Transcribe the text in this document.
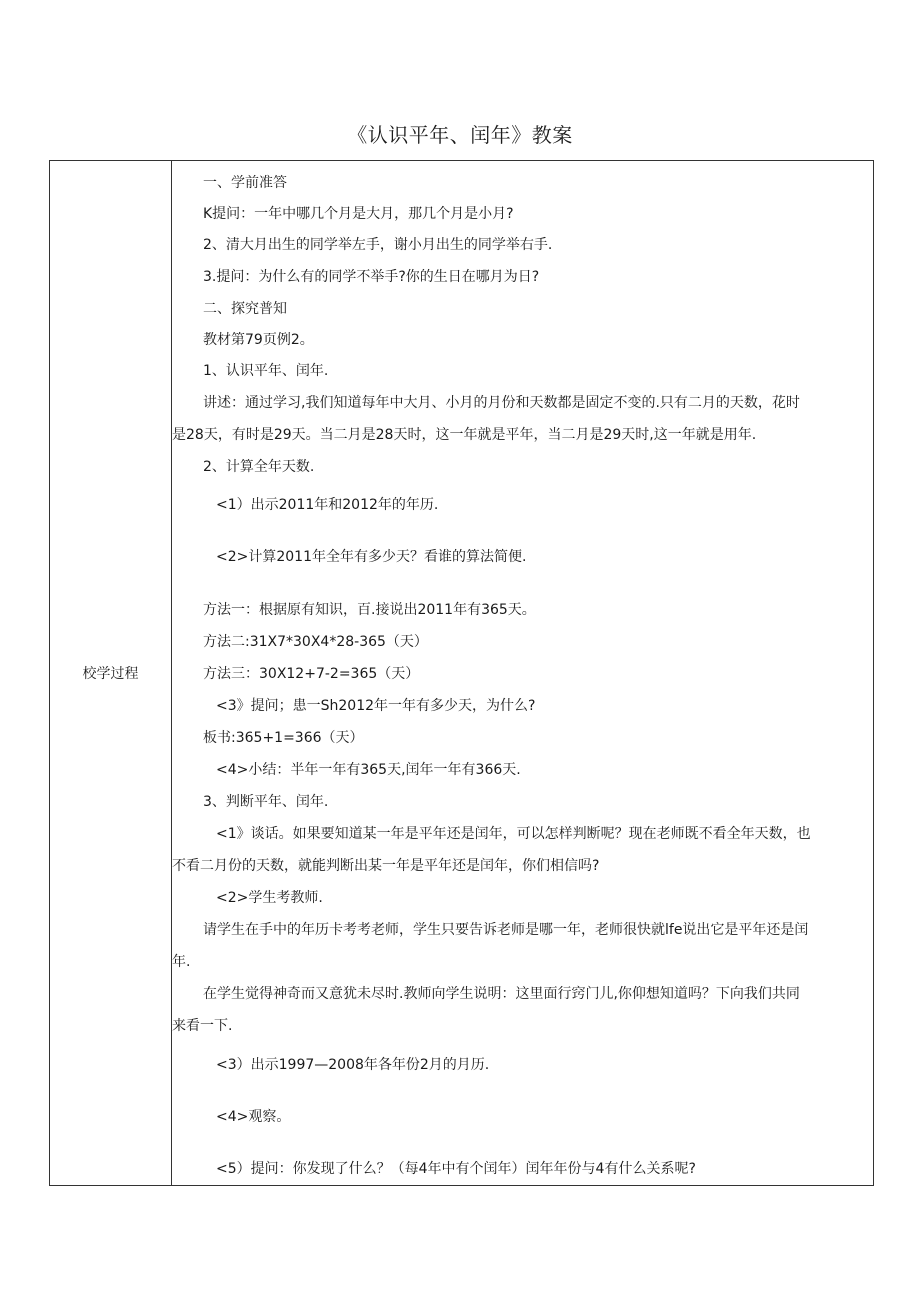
《认识平年、闰年》教案
校学过程
一、学前准答
K提问：一年中哪几个月是大月，那几个月是小月?
2、清大月出生的同学举左手，谢小月出生的同学举右手.
3.提问：为什么有的同学不举手?你的生日在哪月为日?
二、探究普知
教材第79页例2。
1、认识平年、闰年.
讲述：通过学习,我们知道每年中大月、小月的月份和天数都是固定不变的.只有二月的天数，花时
是28天，有时是29天。当二月是28天时，这一年就是平年，当二月是29天时,这一年就是用年.
2、计算全年天数.
<1）出示2011年和2012年的年历.
<2>计算2011年全年有多少天？看谁的算法简便.
方法一：根据原有知识，百.接说出2011年有365天。
方法二:31X7*30X4*28-365（天）
方法三：30X12+7-2=365（天）
<3》提问；患一Sh2012年一年有多少天，为什么?
板书:365+1=366（天）
<4>小结：半年一年有365天,闰年一年有366天.
3、判断平年、闰年.
<1》谈话。如果要知道某一年是平年还是闰年，可以怎样判断呢？现在老师既不看全年天数，也
不看二月份的天数，就能判断出某一年是平年还是闰年，你们相信吗?
<2>学生考教师.
请学生在手中的年历卡考考老师，学生只要告诉老师是哪一年，老师很快就lfe说出它是平年还是闰
年.
在学生觉得神奇而又意犹未尽时.教师向学生说明：这里面行窍门儿,你仰想知道吗？下向我们共同
来看一下.
<3）出示1997—2008年各年份2月的月历.
<4>观察。
<5）提问：你发现了什么？（每4年中有个闰年）闰年年份与4有什么关系呢?
